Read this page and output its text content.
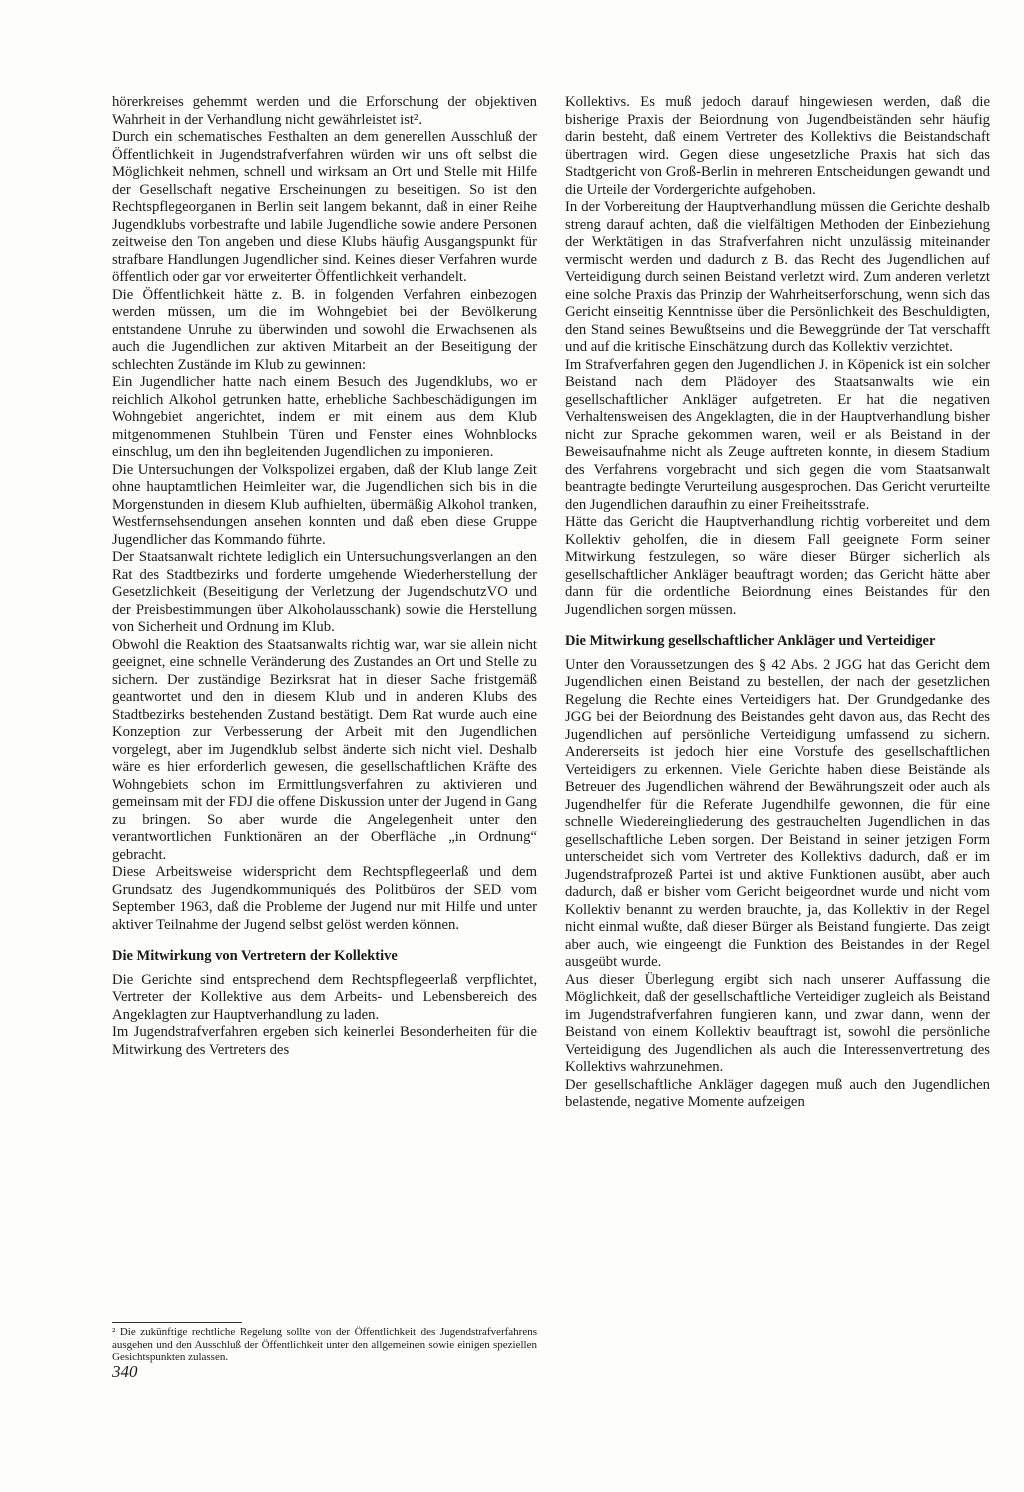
hörerkreises gehemmt werden und die Erforschung der objektiven Wahrheit in der Verhandlung nicht gewährleistet ist².

Durch ein schematisches Festhalten an dem generellen Ausschluß der Öffentlichkeit in Jugendstrafverfahren würden wir uns oft selbst die Möglichkeit nehmen, schnell und wirksam an Ort und Stelle mit Hilfe der Gesellschaft negative Erscheinungen zu beseitigen. So ist den Rechtspflegeorganen in Berlin seit langem bekannt, daß in einer Reihe Jugendklubs vorbestrafte und labile Jugendliche sowie andere Personen zeitweise den Ton angeben und diese Klubs häufig Ausgangspunkt für strafbare Handlungen Jugendlicher sind. Keines dieser Verfahren wurde öffentlich oder gar vor erweiterter Öffentlichkeit verhandelt.

Die Öffentlichkeit hätte z. B. in folgenden Verfahren einbezogen werden müssen, um die im Wohngebiet bei der Bevölkerung entstandene Unruhe zu überwinden und sowohl die Erwachsenen als auch die Jugendlichen zur aktiven Mitarbeit an der Beseitigung der schlechten Zustände im Klub zu gewinnen:

Ein Jugendlicher hatte nach einem Besuch des Jugendklubs, wo er reichlich Alkohol getrunken hatte, erhebliche Sachbeschädigungen im Wohngebiet angerichtet, indem er mit einem aus dem Klub mitgenommenen Stuhlbein Türen und Fenster eines Wohnblocks einschlug, um den ihn begleitenden Jugendlichen zu imponieren.

Die Untersuchungen der Volkspolizei ergaben, daß der Klub lange Zeit ohne hauptamtlichen Heimleiter war, die Jugendlichen sich bis in die Morgenstunden in diesem Klub aufhielten, übermäßig Alkohol tranken, Westfernsehsendungen ansehen konnten und daß eben diese Gruppe Jugendlicher das Kommando führte.

Der Staatsanwalt richtete lediglich ein Untersuchungsverlangen an den Rat des Stadtbezirks und forderte umgehende Wiederherstellung der Gesetzlichkeit (Beseitigung der Verletzung der JugendschutzVO und der Preisbestimmungen über Alkoholausschank) sowie die Herstellung von Sicherheit und Ordnung im Klub.

Obwohl die Reaktion des Staatsanwalts richtig war, war sie allein nicht geeignet, eine schnelle Veränderung des Zustandes an Ort und Stelle zu sichern. Der zuständige Bezirksrat hat in dieser Sache fristgemäß geantwortet und den in diesem Klub und in anderen Klubs des Stadtbezirks bestehenden Zustand bestätigt. Dem Rat wurde auch eine Konzeption zur Verbesserung der Arbeit mit den Jugendlichen vorgelegt, aber im Jugendklub selbst änderte sich nicht viel. Deshalb wäre es hier erforderlich gewesen, die gesellschaftlichen Kräfte des Wohngebiets schon im Ermittlungsverfahren zu aktivieren und gemeinsam mit der FDJ die offene Diskussion unter der Jugend in Gang zu bringen. So aber wurde die Angelegenheit unter den verantwortlichen Funktionären an der Oberfläche „in Ordnung“ gebracht.

Diese Arbeitsweise widerspricht dem Rechtspflegeerlaß und dem Grundsatz des Jugendkommuniqués des Politbüros der SED vom September 1963, daß die Probleme der Jugend nur mit Hilfe und unter aktiver Teilnahme der Jugend selbst gelöst werden können.

Die Mitwirkung von Vertretern der Kollektive

Die Gerichte sind entsprechend dem Rechtspflegeerlaß verpflichtet, Vertreter der Kollektive aus dem Arbeits- und Lebensbereich des Angeklagten zur Hauptverhandlung zu laden.

Im Jugendstrafverfahren ergeben sich keinerlei Besonderheiten für die Mitwirkung des Vertreters des

² Die zukünftige rechtliche Regelung sollte von der Öffentlichkeit des Jugendstrafverfahrens ausgehen und den Ausschluß der Öffentlichkeit unter den allgemeinen sowie einigen speziellen Gesichtspunkten zulassen.
340

Kollektivs. Es muß jedoch darauf hingewiesen werden, daß die bisherige Praxis der Beiordnung von Jugendbeiständen sehr häufig darin besteht, daß einem Vertreter des Kollektivs die Beistandschaft übertragen wird. Gegen diese ungesetzliche Praxis hat sich das Stadtgericht von Groß-Berlin in mehreren Entscheidungen gewandt und die Urteile der Vordergerichte aufgehoben.

In der Vorbereitung der Hauptverhandlung müssen die Gerichte deshalb streng darauf achten, daß die vielfältigen Methoden der Einbeziehung der Werktätigen in das Strafverfahren nicht unzulässig miteinander vermischt werden und dadurch z B. das Recht des Jugendlichen auf Verteidigung durch seinen Beistand verletzt wird. Zum anderen verletzt eine solche Praxis das Prinzip der Wahrheitserforschung, wenn sich das Gericht einseitig Kenntnisse über die Persönlichkeit des Beschuldigten, den Stand seines Bewußtseins und die Beweggründe der Tat verschafft und auf die kritische Einschätzung durch das Kollektiv verzichtet.

Im Strafverfahren gegen den Jugendlichen J. in Köpenick ist ein solcher Beistand nach dem Plädoyer des Staatsanwalts wie ein gesellschaftlicher Ankläger aufgetreten. Er hat die negativen Verhaltensweisen des Angeklagten, die in der Hauptverhandlung bisher nicht zur Sprache gekommen waren, weil er als Beistand in der Beweisaufnahme nicht als Zeuge auftreten konnte, in diesem Stadium des Verfahrens vorgebracht und sich gegen die vom Staatsanwalt beantragte bedingte Verurteilung ausgesprochen. Das Gericht verurteilte den Jugendlichen daraufhin zu einer Freiheitsstrafe.

Hätte das Gericht die Hauptverhandlung richtig vorbereitet und dem Kollektiv geholfen, die in diesem Fall geeignete Form seiner Mitwirkung festzulegen, so wäre dieser Bürger sicherlich als gesellschaftlicher Ankläger beauftragt worden; das Gericht hätte aber dann für die ordentliche Beiordnung eines Beistandes für den Jugendlichen sorgen müssen.

Die Mitwirkung gesellschaftlicher Ankläger und Verteidiger

Unter den Voraussetzungen des § 42 Abs. 2 JGG hat das Gericht dem Jugendlichen einen Beistand zu bestellen, der nach der gesetzlichen Regelung die Rechte eines Verteidigers hat. Der Grundgedanke des JGG bei der Beiordnung des Beistandes geht davon aus, das Recht des Jugendlichen auf persönliche Verteidigung umfassend zu sichern. Andererseits ist jedoch hier eine Vorstufe des gesellschaftlichen Verteidigers zu erkennen. Viele Gerichte haben diese Beistände als Betreuer des Jugendlichen während der Bewährungszeit oder auch als Jugendhelfer für die Referate Jugendhilfe gewonnen, die für eine schnelle Wiedereingliederung des gestrauchelten Jugendlichen in das gesellschaftliche Leben sorgen. Der Beistand in seiner jetzigen Form unterscheidet sich vom Vertreter des Kollektivs dadurch, daß er im Jugendstrafprozeß Partei ist und aktive Funktionen ausübt, aber auch dadurch, daß er bisher vom Gericht beigeordnet wurde und nicht vom Kollektiv benannt zu werden brauchte, ja, das Kollektiv in der Regel nicht einmal wußte, daß dieser Bürger als Beistand fungierte. Das zeigt aber auch, wie eingeengt die Funktion des Beistandes in der Regel ausgeübt wurde.

Aus dieser Überlegung ergibt sich nach unserer Auffassung die Möglichkeit, daß der gesellschaftliche Verteidiger zugleich als Beistand im Jugendstrafverfahren fungieren kann, und zwar dann, wenn der Beistand von einem Kollektiv beauftragt ist, sowohl die persönliche Verteidigung des Jugendlichen als auch die Interessenvertretung des Kollektivs wahrzunehmen.

Der gesellschaftliche Ankläger dagegen muß auch den Jugendlichen belastende, negative Momente aufzeigen
